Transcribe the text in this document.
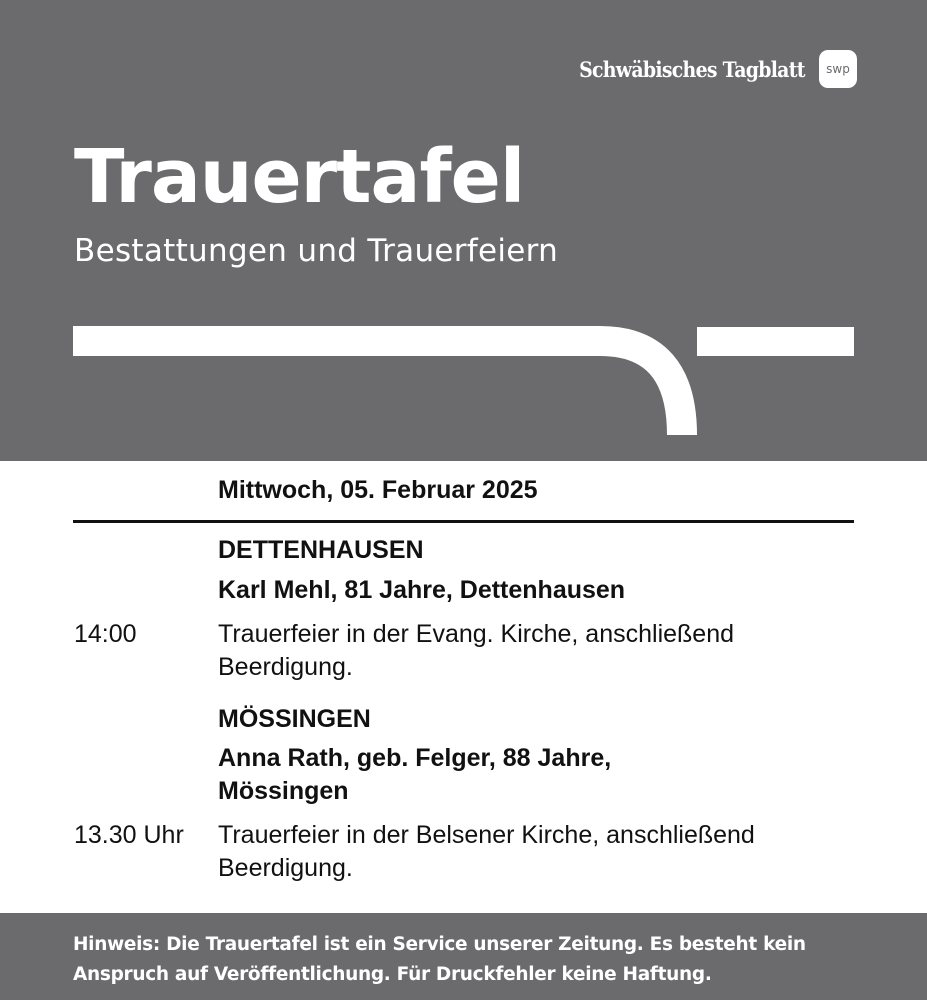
Schwäbisches Tagblatt	swp
Trauertafel
Bestattungen und Trauerfeiern
Mittwoch, 05. Februar 2025
DETTENHAUSEN
Karl Mehl, 81 Jahre, Dettenhausen
14:00	Trauerfeier in der Evang. Kirche, anschließend Beerdigung.
MÖSSINGEN
Anna Rath, geb. Felger, 88 Jahre, Mössingen
13.30 Uhr Trauerfeier in der Belsener Kirche, anschließend Beerdigung.
Hinweis: Die Trauertafel ist ein Service unserer Zeitung. Es besteht kein Anspruch auf Veröffentlichung. Für Druckfehler keine Haftung.
